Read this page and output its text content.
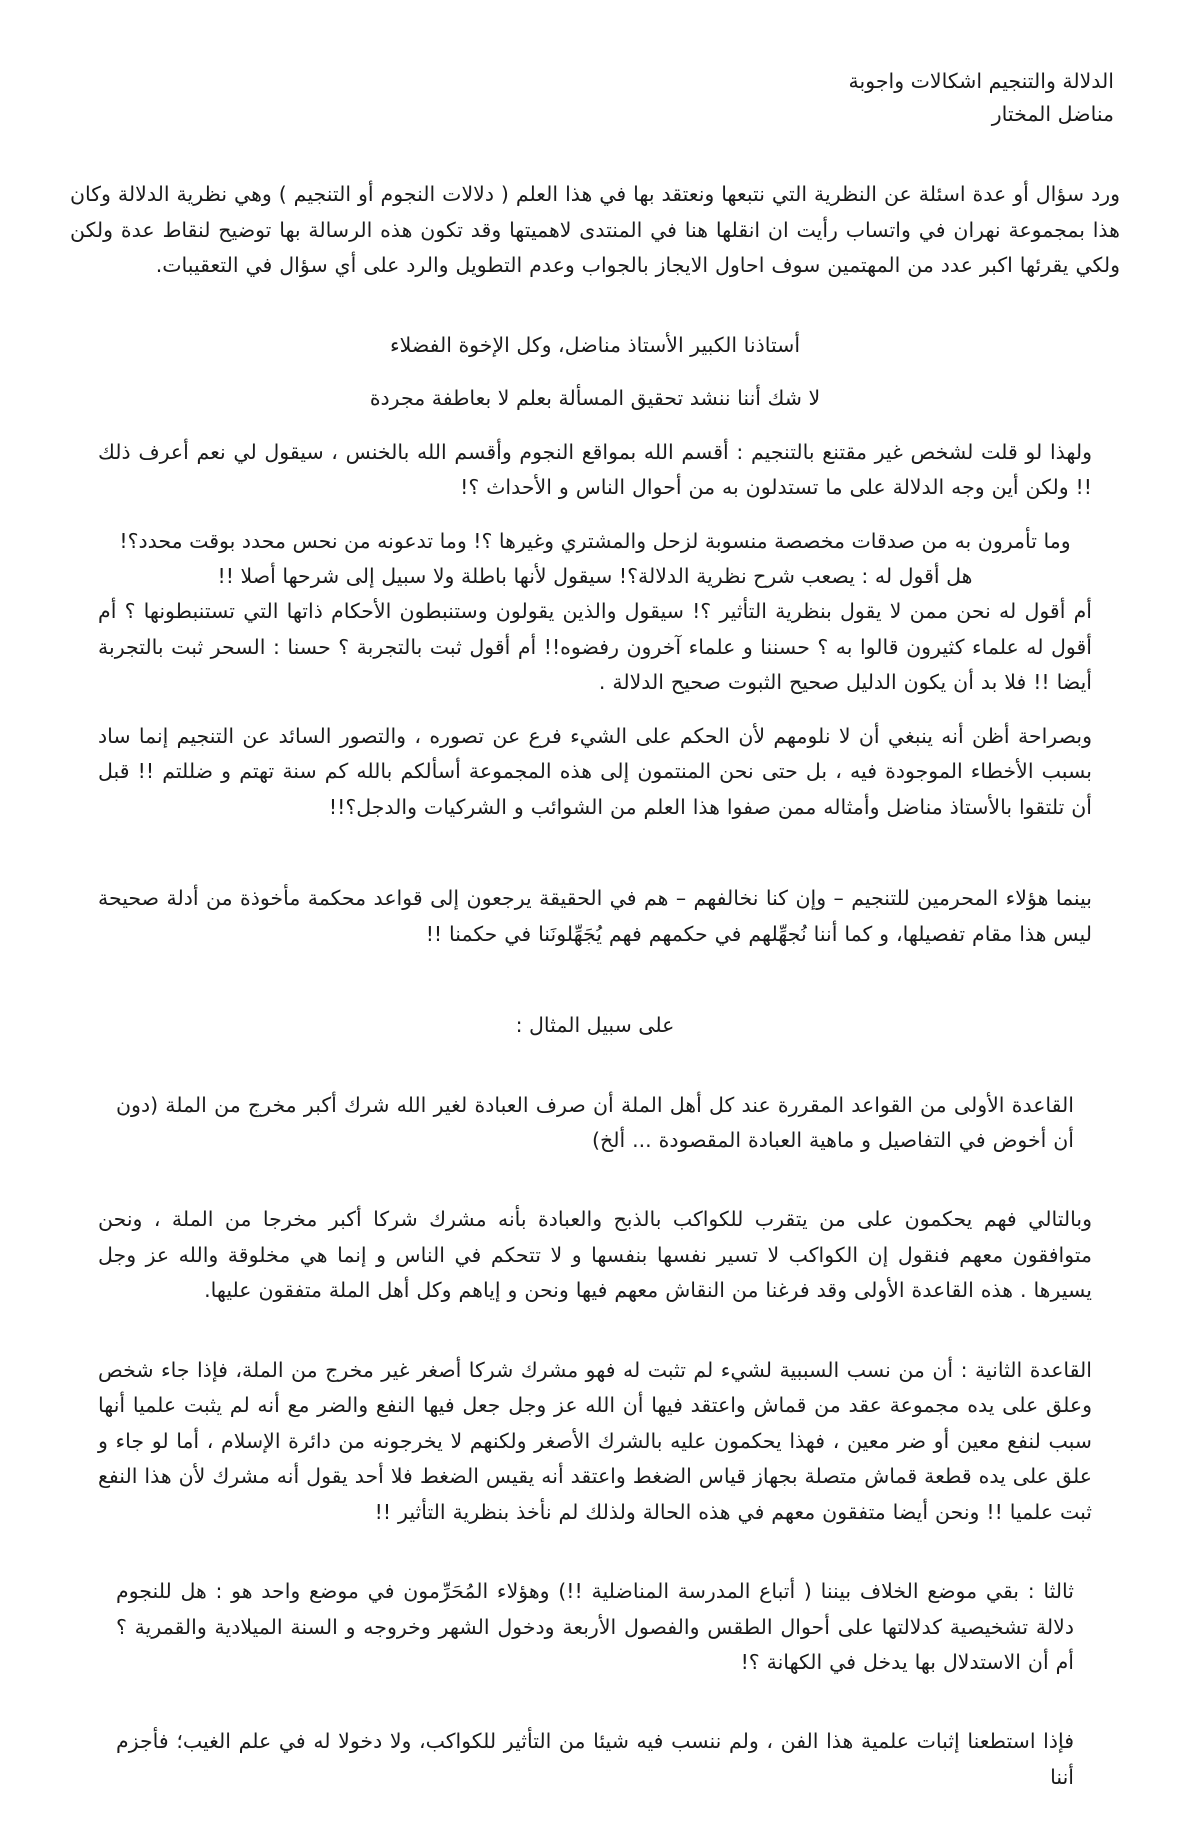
الدلالة والتنجيم اشكالات واجوبة
مناضل المختار

ورد سؤال أو عدة اسئلة عن النظرية التي نتبعها ونعتقد بها في هذا العلم ( دلالات النجوم أو التنجيم ) وهي نظرية الدلالة وكان هذا بمجموعة نهران في واتساب رأيت ان انقلها هنا في المنتدى لاهميتها وقد تكون هذه الرسالة بها توضيح لنقاط عدة ولكن ولكي يقرئها اكبر عدد من المهتمين سوف احاول الايجاز بالجواب وعدم التطويل والرد على أي سؤال في التعقيبات.

أستاذنا الكبير الأستاذ مناضل، وكل الإخوة الفضلاء

لا شك أننا ننشد تحقيق المسألة بعلم لا بعاطفة مجردة

ولهذا لو قلت لشخص غير مقتنع بالتنجيم : أقسم الله بمواقع النجوم وأقسم الله بالخنس ، سيقول لي نعم أعرف ذلك !! ولكن أين وجه الدلالة على ما تستدلون به من أحوال الناس و الأحداث ؟!

وما تأمرون به من صدقات مخصصة منسوبة لزحل والمشتري وغيرها ؟! وما تدعونه من نحس محدد بوقت محدد؟!

هل أقول له : يصعب شرح نظرية الدلالة؟! سيقول لأنها باطلة ولا سبيل إلى شرحها أصلا !!

أم أقول له نحن ممن لا يقول بنظرية التأثير ؟! سيقول والذين يقولون وستنبطون الأحكام ذاتها التي تستنبطونها ؟ أم أقول له علماء كثيرون قالوا به ؟ حسننا و علماء آخرون رفضوه!! أم أقول ثبت بالتجربة ؟ حسنا : السحر ثبت بالتجربة أيضا !! فلا بد أن يكون الدليل صحيح الثبوت صحيح الدلالة .

وبصراحة أظن أنه ينبغي أن لا نلومهم لأن الحكم على الشيء فرع عن تصوره ، والتصور السائد عن التنجيم إنما ساد بسبب الأخطاء الموجودة فيه ، بل حتى نحن المنتمون إلى هذه المجموعة أسألكم بالله كم سنة تهتم و ضللتم !! قبل أن تلتقوا بالأستاذ مناضل وأمثاله ممن صفوا هذا العلم من الشوائب و الشركيات والدجل؟!!

بينما هؤلاء المحرمين للتنجيم – وإن كنا نخالفهم – هم في الحقيقة يرجعون إلى قواعد محكمة مأخوذة من أدلة صحيحة ليس هذا مقام تفصيلها، و كما أننا نُجهِّلهم في حكمهم فهم يُجَهِّلونَنا في حكمنا !!

على سبيل المثال :

القاعدة الأولى من القواعد المقررة عند كل أهل الملة أن صرف العبادة لغير الله شرك أكبر مخرج من الملة (دون أن أخوض في التفاصيل و ماهية العبادة المقصودة ... ألخ)

وبالتالي فهم يحكمون على من يتقرب للكواكب بالذبح والعبادة بأنه مشرك شركا أكبر مخرجا من الملة ، ونحن متوافقون معهم فنقول إن الكواكب لا تسير نفسها بنفسها و لا تتحكم في الناس و إنما هي مخلوقة والله عز وجل يسيرها . هذه القاعدة الأولى وقد فرغنا من النقاش معهم فيها ونحن و إياهم وكل أهل الملة متفقون عليها.

القاعدة الثانية : أن من نسب السببية لشيء لم تثبت له فهو مشرك شركا أصغر غير مخرج من الملة، فإذا جاء شخص وعلق على يده مجموعة عقد من قماش واعتقد فيها أن الله عز وجل جعل فيها النفع والضر مع أنه لم يثبت علميا أنها سبب لنفع معين أو ضر معين ، فهذا يحكمون عليه بالشرك الأصغر ولكنهم لا يخرجونه من دائرة الإسلام ، أما لو جاء و علق على يده قطعة قماش متصلة بجهاز قياس الضغط واعتقد أنه يقيس الضغط فلا أحد يقول أنه مشرك لأن هذا النفع ثبت علميا !! ونحن أيضا متفقون معهم في هذه الحالة ولذلك لم نأخذ بنظرية التأثير !!

ثالثا : بقي موضع الخلاف بيننا ( أتباع المدرسة المناضلية !!) وهؤلاء المُحَرِّمون في موضع واحد هو : هل للنجوم دلالة تشخيصية كدلالتها على أحوال الطقس والفصول الأربعة ودخول الشهر وخروجه و السنة الميلادية والقمرية ؟ أم أن الاستدلال بها يدخل في الكهانة ؟!

فإذا استطعنا إثبات علمية هذا الفن ، ولم ننسب فيه شيئا من التأثير للكواكب، ولا دخولا له في علم الغيب؛ فأجزم أننا
